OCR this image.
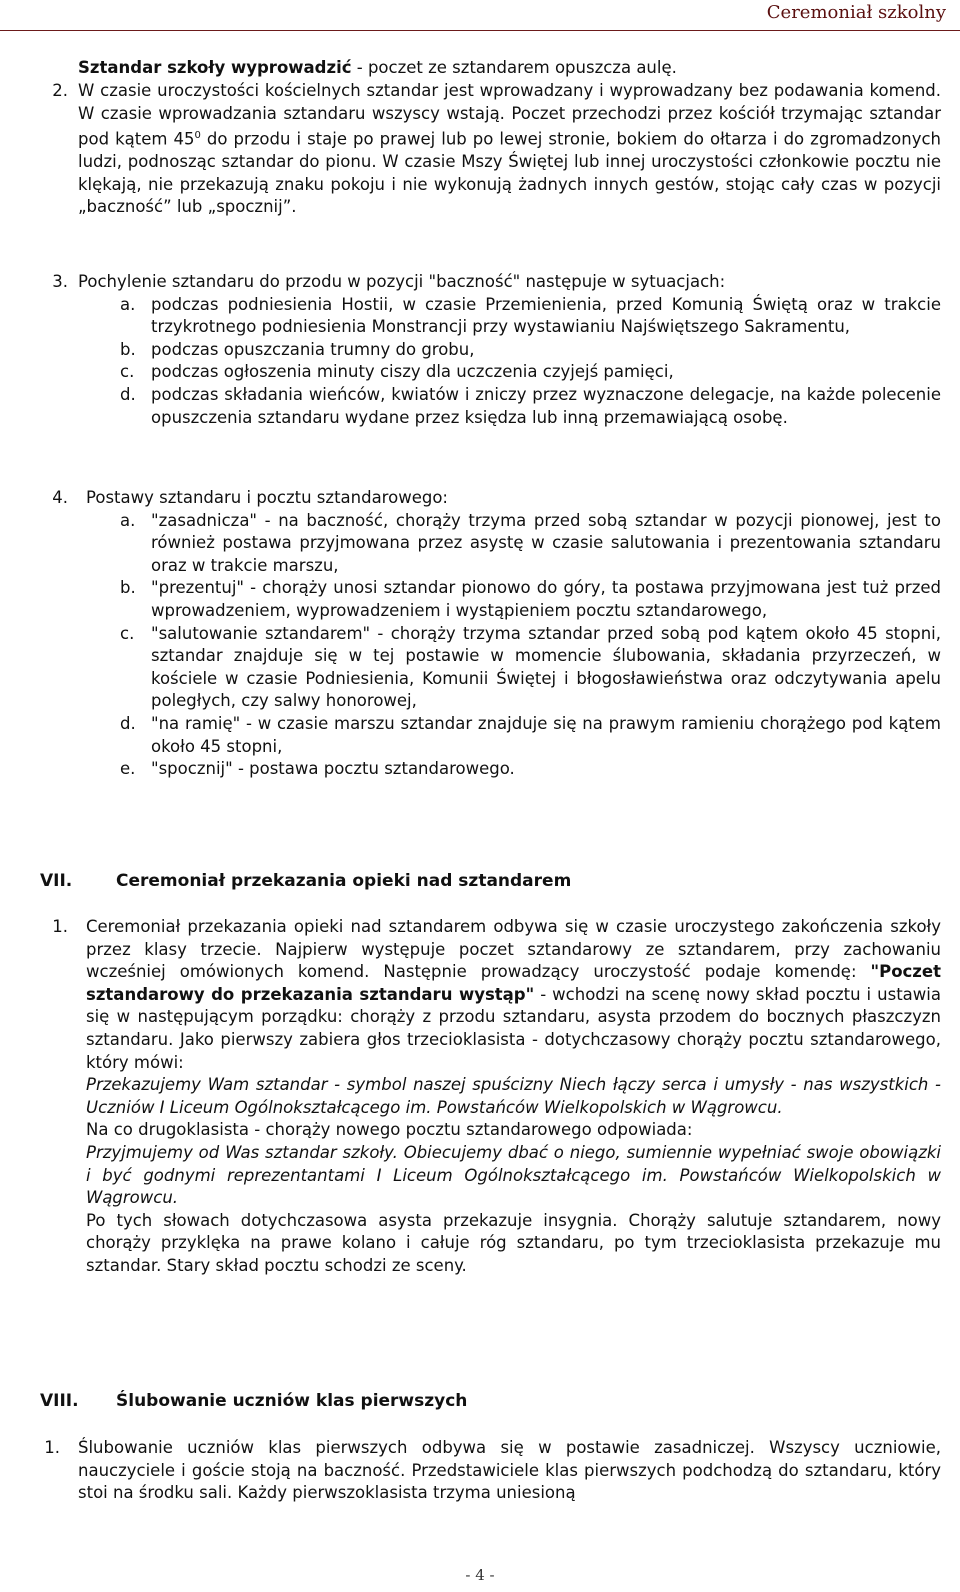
Ceremoniał szkolny
Sztandar szkoły wyprowadzić - poczet ze sztandarem opuszcza aulę.
2. W czasie uroczystości kościelnych sztandar jest wprowadzany i wyprowadzany bez podawania komend. W czasie wprowadzania sztandaru wszyscy wstają. Poczet przechodzi przez kościół trzymając sztandar pod kątem $45^0$ do przodu i staje po prawej lub po lewej stronie, bokiem do ołtarza i do zgromadzonych ludzi, podnosząc sztandar do pionu. W czasie Mszy Świętej lub innej uroczystości członkowie pocztu nie klękają, nie przekazują znaku pokoju i nie wykonują żadnych innych gestów, stojąc cały czas w pozycji „baczność” lub „spocznij”.

3. Pochylenie sztandaru do przodu w pozycji "baczność" następuje w sytuacjach:

a. podczas podniesienia Hostii, w czasie Przemienienia, przed Komunią Świętą oraz w trakcie trzykrotnego podniesienia Monstrancji przy wystawianiu Najświętszego Sakramentu,

b. podczas opuszczania trumny do grobu,

c. podczas ogłoszenia minuty ciszy dla uczczenia czyjejś pamięci,

d. podczas składania wieńców, kwiatów i zniczy przez wyznaczone delegacje, na każde polecenie opuszczenia sztandaru wydane przez księdza lub inną przemawiającą osobę.

4. Postawy sztandaru i pocztu sztandarowego:

a. "zasadnicza" - na baczność, chorąży trzyma przed sobą sztandar w pozycji pionowej, jest to również postawa przyjmowana przez asystę w czasie salutowania i prezentowania sztandaru oraz w trakcie marszu,

b. "prezentuj" - chorąży unosi sztandar pionowo do góry, ta postawa przyjmowana jest tuż przed wprowadzeniem, wyprowadzeniem i wystąpieniem pocztu sztandarowego,

c. "salutowanie sztandarem" - chorąży trzyma sztandar przed sobą pod kątem około 45 stopni, sztandar znajduje się w tej postawie w momencie ślubowania, składania przyrzeczeń, w kościele w czasie Podniesienia, Komunii Świętej i błogosławieństwa oraz odczytywania apelu poległych, czy salwy honorowej,

d. "na ramię" - w czasie marszu sztandar znajduje się na prawym ramieniu chorążego pod kątem około 45 stopni,

e. "spocznij" - postawa pocztu sztandarowego.

VII.	Ceremoniał przekazania opieki nad sztandarem
1. Ceremoniał przekazania opieki nad sztandarem odbywa się w czasie uroczystego zakończenia szkoły przez klasy trzecie. Najpierw występuje poczet sztandarowy ze sztandarem, przy zachowaniu wcześniej omówionych komend. Następnie prowadzący uroczystość podaje komendę: "Poczet sztandarowy do przekazania sztandaru wystąp" - wchodzi na scenę nowy skład pocztu i ustawia się w następującym porządku: chorąży z przodu sztandaru, asysta przodem do bocznych płaszczyzn sztandaru. Jako pierwszy zabiera głos trzecioklasista - dotychczasowy chorąży pocztu sztandarowego, który mówi:

Przekazujemy Wam sztandar - symbol naszej spuścizny Niech łączy serca i umysły - nas wszystkich - Uczniów I Liceum Ogólnokształcącego im. Powstańców Wielkopolskich w Wągrowcu.

Na co drugoklasista - chorąży nowego pocztu sztandarowego odpowiada:

Przyjmujemy od Was sztandar szkoły. Obiecujemy dbać o niego, sumiennie wypełniać swoje obowiązki i być godnymi reprezentantami I Liceum Ogólnokształcącego im. Powstańców Wielkopolskich w Wągrowcu.

Po tych słowach dotychczasowa asysta przekazuje insygnia. Chorąży salutuje sztandarem, nowy chorąży przyklęka na prawe kolano i całuje róg sztandaru, po tym trzecioklasista przekazuje mu sztandar. Stary skład pocztu schodzi ze sceny.

VIII. Ślubowanie uczniów klas pierwszych
1. Ślubowanie uczniów klas pierwszych odbywa się w postawie zasadniczej. Wszyscy uczniowie, nauczyciele i goście stoją na baczność. Przedstawiciele klas pierwszych podchodzą do sztandaru, który stoi na środku sali. Każdy pierwszoklasista trzyma uniesioną

- 4 -
